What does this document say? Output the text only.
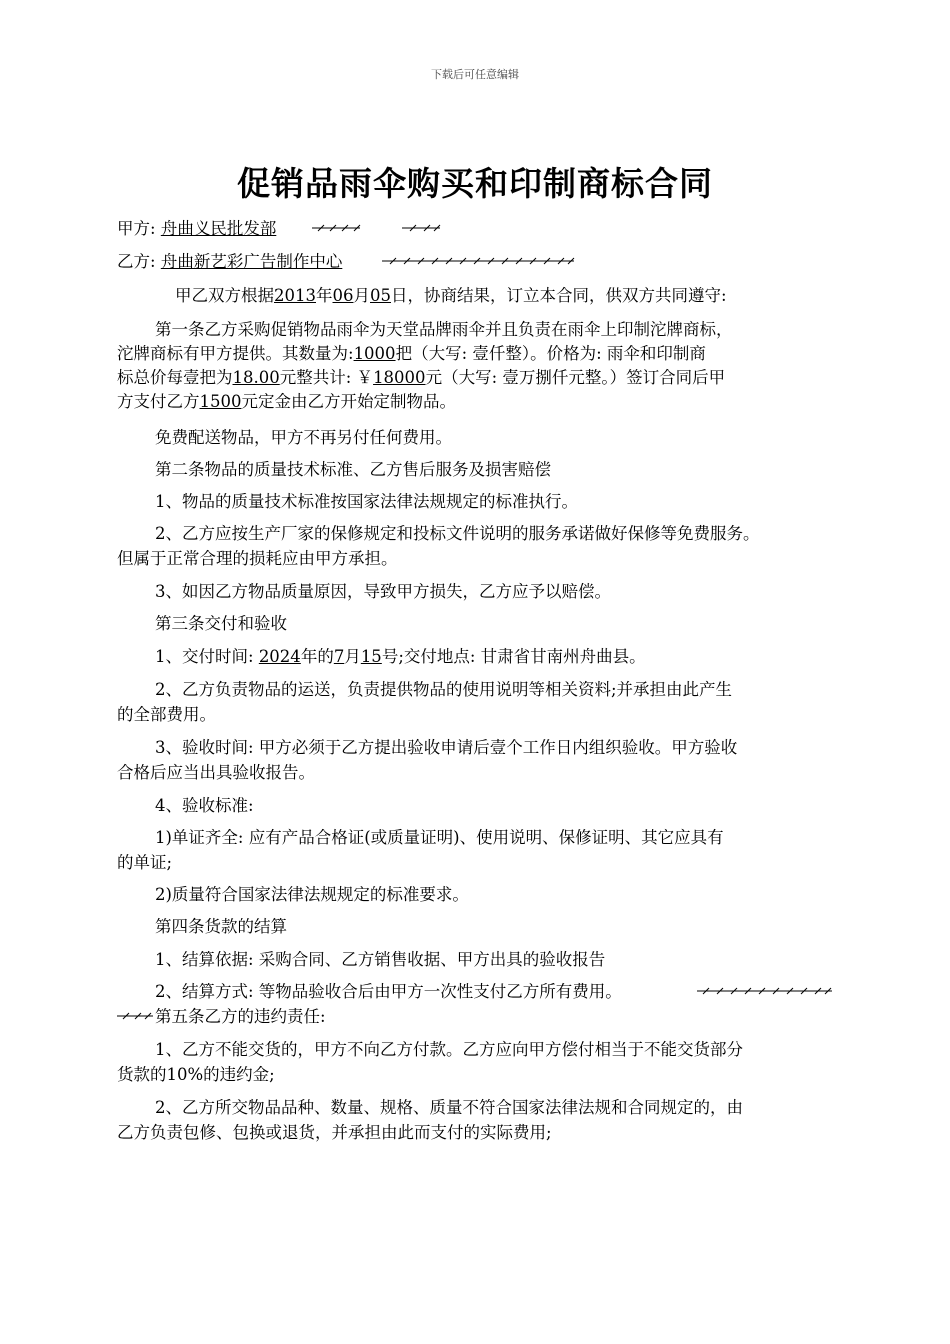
下载后可任意编辑
促销品雨伞购买和印制商标合同
甲方: 舟曲义民批发部
乙方: 舟曲新艺彩广告制作中心
甲乙双方根据2013年06月05日，协商结果，订立本合同，供双方共同遵守:
第一条乙方采购促销物品雨伞为天堂品牌雨伞并且负责在雨伞上印制沱牌商标，
沱牌商标有甲方提供。其数量为:1000把（大写: 壹仟整）。价格为: 雨伞和印制商
标总价每壹把为18.00元整共计: ￥18000元（大写: 壹万捌仟元整。）签订合同后甲
方支付乙方1500元定金由乙方开始定制物品。
免费配送物品，甲方不再另付任何费用。
第二条物品的质量技术标准、乙方售后服务及损害赔偿
1、物品的质量技术标准按国家法律法规规定的标准执行。
2、乙方应按生产厂家的保修规定和投标文件说明的服务承诺做好保修等免费服务。
但属于正常合理的损耗应由甲方承担。
3、如因乙方物品质量原因，导致甲方损失，乙方应予以赔偿。
第三条交付和验收
1、交付时间: 2024年的7月15号;交付地点: 甘肃省甘南州舟曲县。
2、乙方负责物品的运送，负责提供物品的使用说明等相关资料;并承担由此产生
的全部费用。
3、验收时间: 甲方必须于乙方提出验收申请后壹个工作日内组织验收。甲方验收
合格后应当出具验收报告。
4、验收标准:
1)单证齐全: 应有产品合格证(或质量证明)、使用说明、保修证明、其它应具有
的单证;
2)质量符合国家法律法规规定的标准要求。
第四条货款的结算
1、结算依据: 采购合同、乙方销售收据、甲方出具的验收报告
2、结算方式: 等物品验收合后由甲方一次性支付乙方所有费用。
第五条乙方的违约责任:
1、乙方不能交货的，甲方不向乙方付款。乙方应向甲方偿付相当于不能交货部分
货款的10%的违约金;
2、乙方所交物品品种、数量、规格、质量不符合国家法律法规和合同规定的，由
乙方负责包修、包换或退货，并承担由此而支付的实际费用;
